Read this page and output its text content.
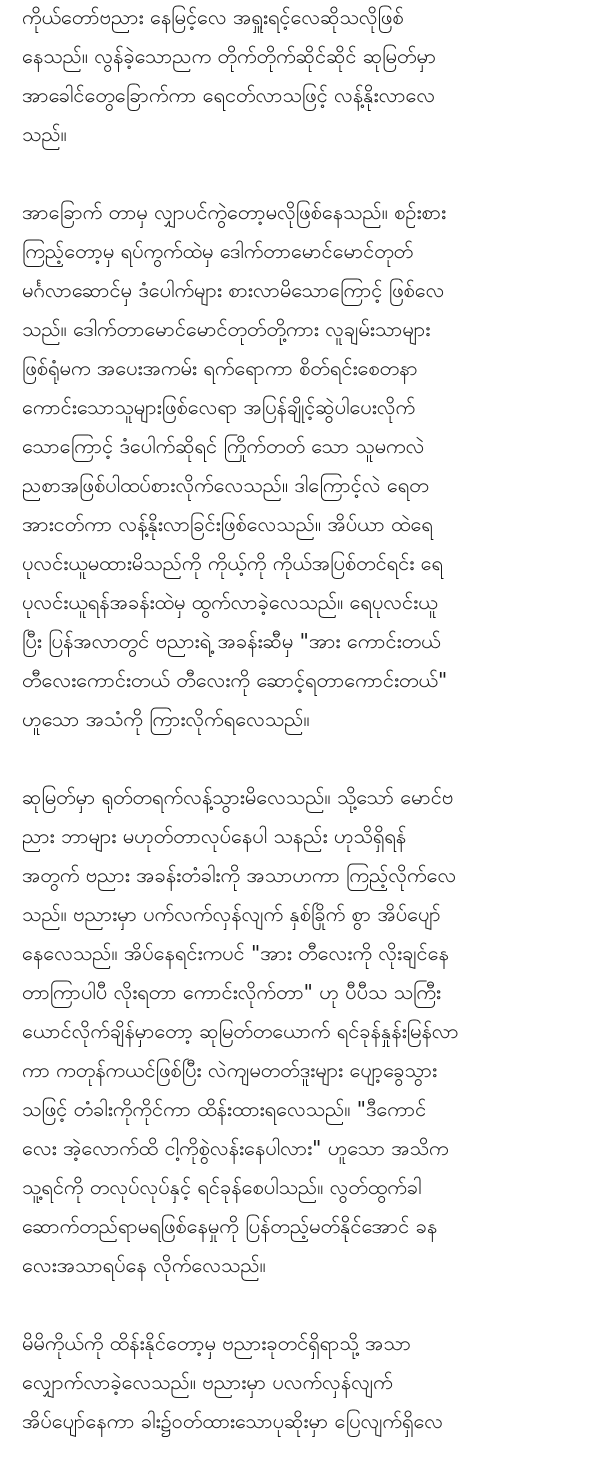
ကိုယ်တော်ဗညား နေမြင့်လေ အရှူးရင့်လေဆိုသလိုဖြစ်
နေသည်။ လွန်ခဲ့သောညက တိုက်တိုက်ဆိုင်ဆိုင် ဆုမြတ်မှာ
အာခေါင်တွေခြောက်ကာ ရေငတ်လာသဖြင့် လန့်နိုးလာလေ
သည်။

အာခြောက် တာမှ လျှာပင်ကွဲတော့မလိုဖြစ်နေသည်။ စဉ်းစား
ကြည့်တော့မှ ရပ်ကွက်ထဲမှ ဒေါက်တာမောင်မောင်တုတ်
မင်္ဂလာဆောင်မှ ဒံပေါက်များ စားလာမိသောကြောင့် ဖြစ်လေ
သည်။ ဒေါက်တာမောင်မောင်တုတ်တို့ကား လူချမ်းသာများ
ဖြစ်ရုံမက အပေးအကမ်း ရက်ရောကာ စိတ်ရင်းစေတနာ
ကောင်းသောသူများဖြစ်လေရာ အပြန်ချိုင့်ဆွဲပါပေးလိုက်
သောကြောင့် ဒံပေါက်ဆိုရင် ကြိုက်တတ် သော သူမကလဲ
ညစာအဖြစ်ပါထပ်စားလိုက်လေသည်။ ဒါကြောင့်လဲ ရေတ
အားငတ်ကာ လန့်နိုးလာခြင်းဖြစ်လေသည်။ အိပ်ယာ ထဲရေ
ပုလင်းယူမထားမိသည်ကို ကိုယ့်ကို ကိုယ်အပြစ်တင်ရင်း ရေ
ပုလင်းယူရန်အခန်းထဲမှ ထွက်လာခဲ့လေသည်။ ရေပုလင်းယူ
ပြီး ပြန်အလာတွင် ဗညားရဲ့ အခန်းဆီမှ "အား ကောင်းတယ်
တီလေးကောင်းတယ် တီလေးကို ဆောင့်ရတာကောင်းတယ်"
ဟူသော အသံကို ကြားလိုက်ရလေသည်။

ဆုမြတ်မှာ ရုတ်တရက်လန့်သွားမိလေသည်။ သို့သော် မောင်ဗ
ညား ဘာများ မဟုတ်တာလုပ်နေပါ သနည်း ဟုသိရှိရန်
အတွက် ဗညား အခန်းတံခါးကို အသာဟကာ ကြည့်လိုက်လေ
သည်။ ဗညားမှာ ပက်လက်လှန်လျက် နှစ်ခြိုက် စွာ အိပ်ပျော်
နေလေသည်။ အိပ်နေရင်းကပင် "အား တီလေးကို လိုးချင်နေ
တာကြာပါပီ လိုးရတာ ကောင်းလိုက်တာ" ဟု ပီပီသ သကြီး
ယောင်လိုက်ချိန်မှာတော့ ဆုမြတ်တယောက် ရင်ခုန်နှုန်းမြန်လာ
ကာ ကတုန်ကယင်ဖြစ်ပြီး လဲကျမတတ်ဒူးများ ပျော့ခွေသွား
သဖြင့် တံခါးကိုကိုင်ကာ ထိန်းထားရလေသည်။ "ဒီကောင်
လေး အဲ့လောက်ထိ ငါ့ကိုစွဲလန်းနေပါလား" ဟူသော အသိက
သူ့ရင်ကို တလုပ်လုပ်နှင့် ရင်ခုန်စေပါသည်။ လွတ်ထွက်ခါ
ဆောက်တည်ရာမရဖြစ်နေမှုကို ပြန်တည့်မတ်နိုင်အောင် ခန
လေးအသာရပ်နေ လိုက်လေသည်။

မိမိကိုယ်ကို ထိန်းနိုင်တော့မှ ဗညားခုတင်ရှိရာသို့ အသာ
လျှောက်လာခဲ့လေသည်။ ဗညားမှာ ပလက်လှန်လျက်
အိပ်ပျော်နေကာ ခါး၌ဝတ်ထားသောပုဆိုးမှာ ပြေလျက်ရှိလေ
